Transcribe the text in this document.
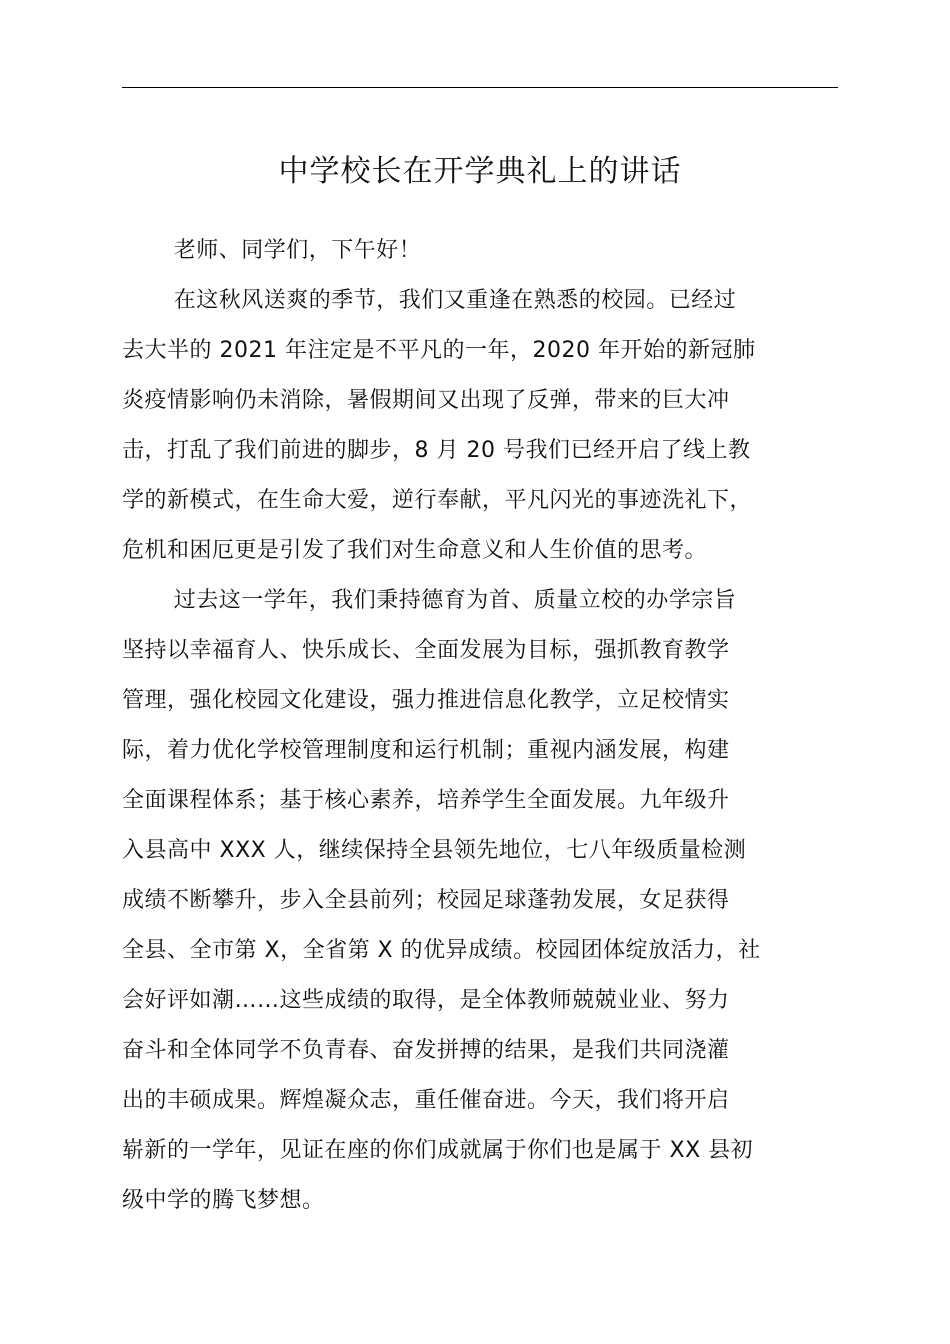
中学校长在开学典礼上的讲话

老师、同学们，下午好！

在这秋风送爽的季节，我们又重逢在熟悉的校园。已经过
去大半的 2021 年注定是不平凡的一年，2020 年开始的新冠肺
炎疫情影响仍未消除，暑假期间又出现了反弹，带来的巨大冲
击，打乱了我们前进的脚步，8 月 20 号我们已经开启了线上教
学的新模式，在生命大爱，逆行奉献，平凡闪光的事迹洗礼下，
危机和困厄更是引发了我们对生命意义和人生价值的思考。

过去这一学年，我们秉持德育为首、质量立校的办学宗旨
坚持以幸福育人、快乐成长、全面发展为目标，强抓教育教学
管理，强化校园文化建设，强力推进信息化教学，立足校情实
际，着力优化学校管理制度和运行机制；重视内涵发展，构建
全面课程体系；基于核心素养，培养学生全面发展。九年级升
入县高中 XXX 人，继续保持全县领先地位，七八年级质量检测
成绩不断攀升，步入全县前列；校园足球蓬勃发展，女足获得
全县、全市第 X，全省第 X 的优异成绩。校园团体绽放活力，社
会好评如潮……这些成绩的取得，是全体教师兢兢业业、努力
奋斗和全体同学不负青春、奋发拼搏的结果，是我们共同浇灌
出的丰硕成果。辉煌凝众志，重任催奋进。今天，我们将开启
崭新的一学年，见证在座的你们成就属于你们也是属于 XX 县初
级中学的腾飞梦想。
